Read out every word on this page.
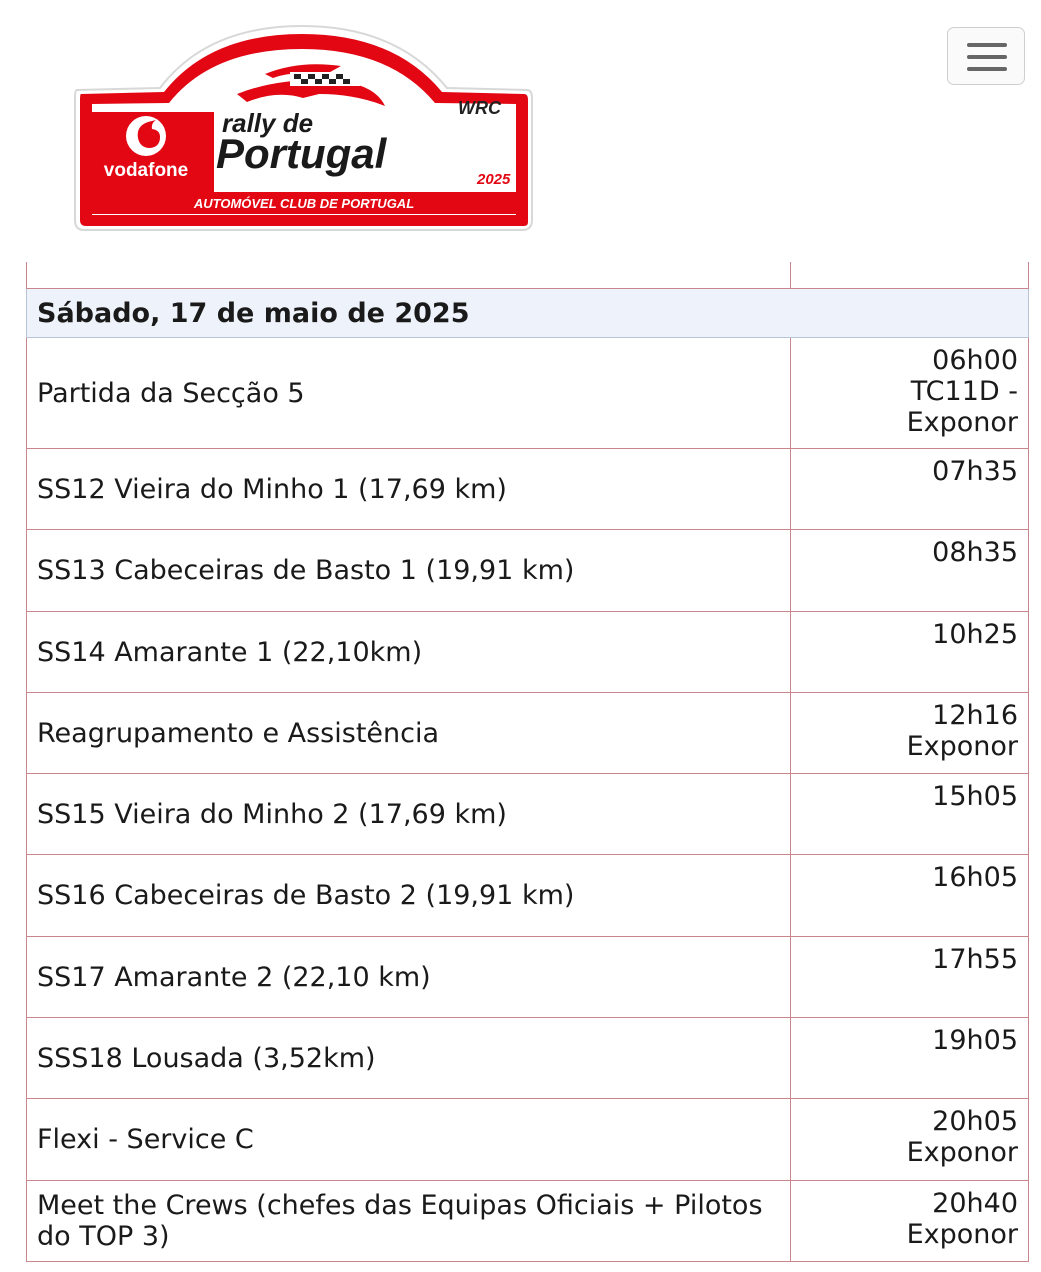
vodafone
rally de
Portugal
WRC
2025
AUTOMÓVEL CLUB DE PORTUGAL

Sábado, 17 de maio de 2025	
Partida da Secção 5	06h00
TC11D -
Exponor

SS12 Vieira do Minho 1 (17,69 km)	07h35

SS13 Cabeceiras de Basto 1 (19,91 km)	08h35

SS14 Amarante 1 (22,10km)	10h25

Reagrupamento e Assistência	12h16
Exponor

SS15 Vieira do Minho 2 (17,69 km)	15h05

SS16 Cabeceiras de Basto 2 (19,91 km)	16h05

SS17 Amarante 2 (22,10 km)	17h55

SSS18 Lousada (3,52km)	19h05

Flexi - Service C	20h05
Exponor

Meet the Crews (chefes das Equipas Oficiais + Pilotos do TOP 3)	20h40
Exponor
